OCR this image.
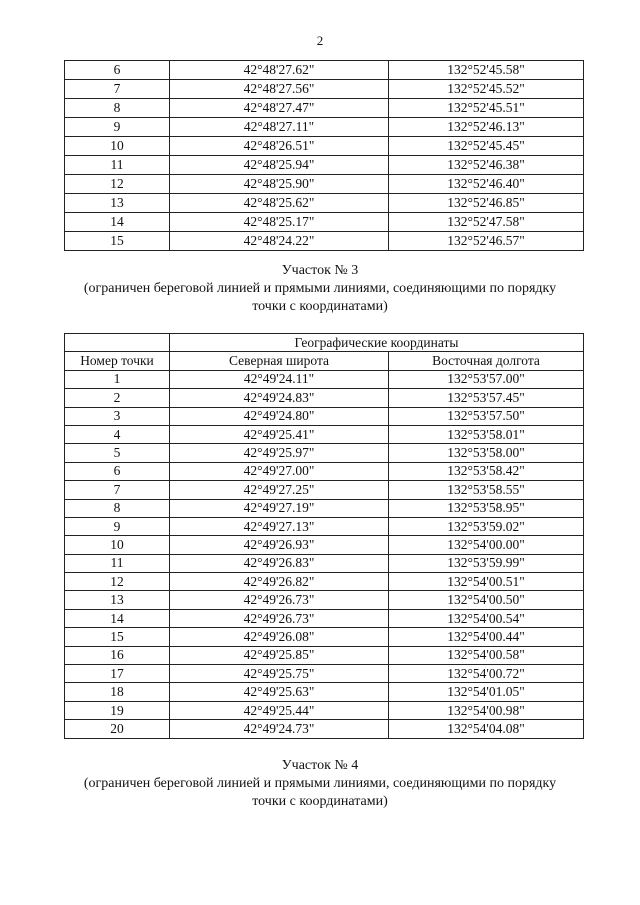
2
6	42°48'27.62"	132°52'45.58"
7	42°48'27.56"	132°52'45.52"
8	42°48'27.47"	132°52'45.51"
9	42°48'27.11"	132°52'46.13"
10	42°48'26.51"	132°52'45.45"
11	42°48'25.94"	132°52'46.38"
12	42°48'25.90"	132°52'46.40"
13	42°48'25.62"	132°52'46.85"
14	42°48'25.17"	132°52'47.58"
15	42°48'24.22"	132°52'46.57"
Участок № 3
(ограничен береговой линией и прямыми линиями, соединяющими по порядку
точки с координатами)
	Географические координаты	
Номер точки	Северная широта	Восточная долгота
1	42°49'24.11"	132°53'57.00"
2	42°49'24.83"	132°53'57.45"
3	42°49'24.80"	132°53'57.50"
4	42°49'25.41"	132°53'58.01"
5	42°49'25.97"	132°53'58.00"
6	42°49'27.00"	132°53'58.42"
7	42°49'27.25"	132°53'58.55"
8	42°49'27.19"	132°53'58.95"
9	42°49'27.13"	132°53'59.02"
10	42°49'26.93"	132°54'00.00"
11	42°49'26.83"	132°53'59.99"
12	42°49'26.82"	132°54'00.51"
13	42°49'26.73"	132°54'00.50"
14	42°49'26.73"	132°54'00.54"
15	42°49'26.08"	132°54'00.44"
16	42°49'25.85"	132°54'00.58"
17	42°49'25.75"	132°54'00.72"
18	42°49'25.63"	132°54'01.05"
19	42°49'25.44"	132°54'00.98"
20	42°49'24.73"	132°54'04.08"
Участок № 4
(ограничен береговой линией и прямыми линиями, соединяющими по порядку
точки с координатами)
